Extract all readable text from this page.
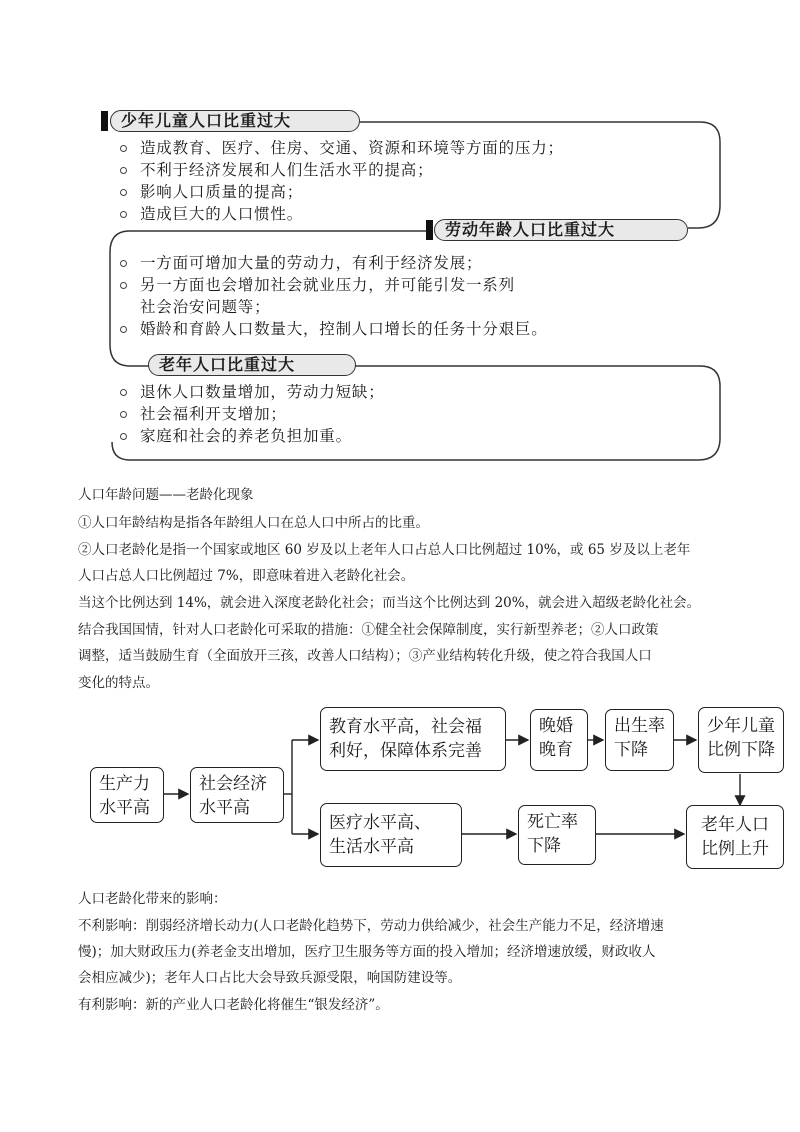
少年儿童人口比重过大
造成教育、医疗、住房、交通、资源和环境等方面的压力；
不利于经济发展和人们生活水平的提高；
影响人口质量的提高；
造成巨大的人口惯性。
劳动年龄人口比重过大
一方面可增加大量的劳动力，有利于经济发展；
另一方面也会增加社会就业压力，并可能引发一系列
社会治安问题等；
婚龄和育龄人口数量大，控制人口增长的任务十分艰巨。
老年人口比重过大
退休人口数量增加，劳动力短缺；
社会福利开支增加；
家庭和社会的养老负担加重。

人口年龄问题——老龄化现象

①人口年龄结构是指各年龄组人口在总人口中所占的比重。

②人口老龄化是指一个国家或地区 60 岁及以上老年人口占总人口比例超过 10%，或 65 岁及以上老年

人口占总人口比例超过 7%，即意味着进入老龄化社会。

当这个比例达到 14%，就会进入深度老龄化社会；而当这个比例达到 20%，就会进入超级老龄化社会。

结合我国国情，针对人口老龄化可采取的措施：①健全社会保障制度，实行新型养老；②人口政策

调整，适当鼓励生育（全面放开三孩，改善人口结构）；③产业结构转化升级，使之符合我国人口

变化的特点。

生产力
水平高
社会经济
水平高
教育水平高，社会福
利好，保障体系完善
晚婚
晚育
出生率
下降
少年儿童
比例下降
医疗水平高、
生活水平高
死亡率
下降
老年人口
比例上升

人口老龄化带来的影响：

不利影响：削弱经济增长动力(人口老龄化趋势下，劳动力供给减少，社会生产能力不足，经济增速

慢)；加大财政压力(养老金支出增加，医疗卫生服务等方面的投入增加；经济增速放缓，财政收人

会相应减少)；老年人口占比大会导致兵源受限，响国防建设等。

有利影响：新的产业人口老龄化将催生“银发经济”。
